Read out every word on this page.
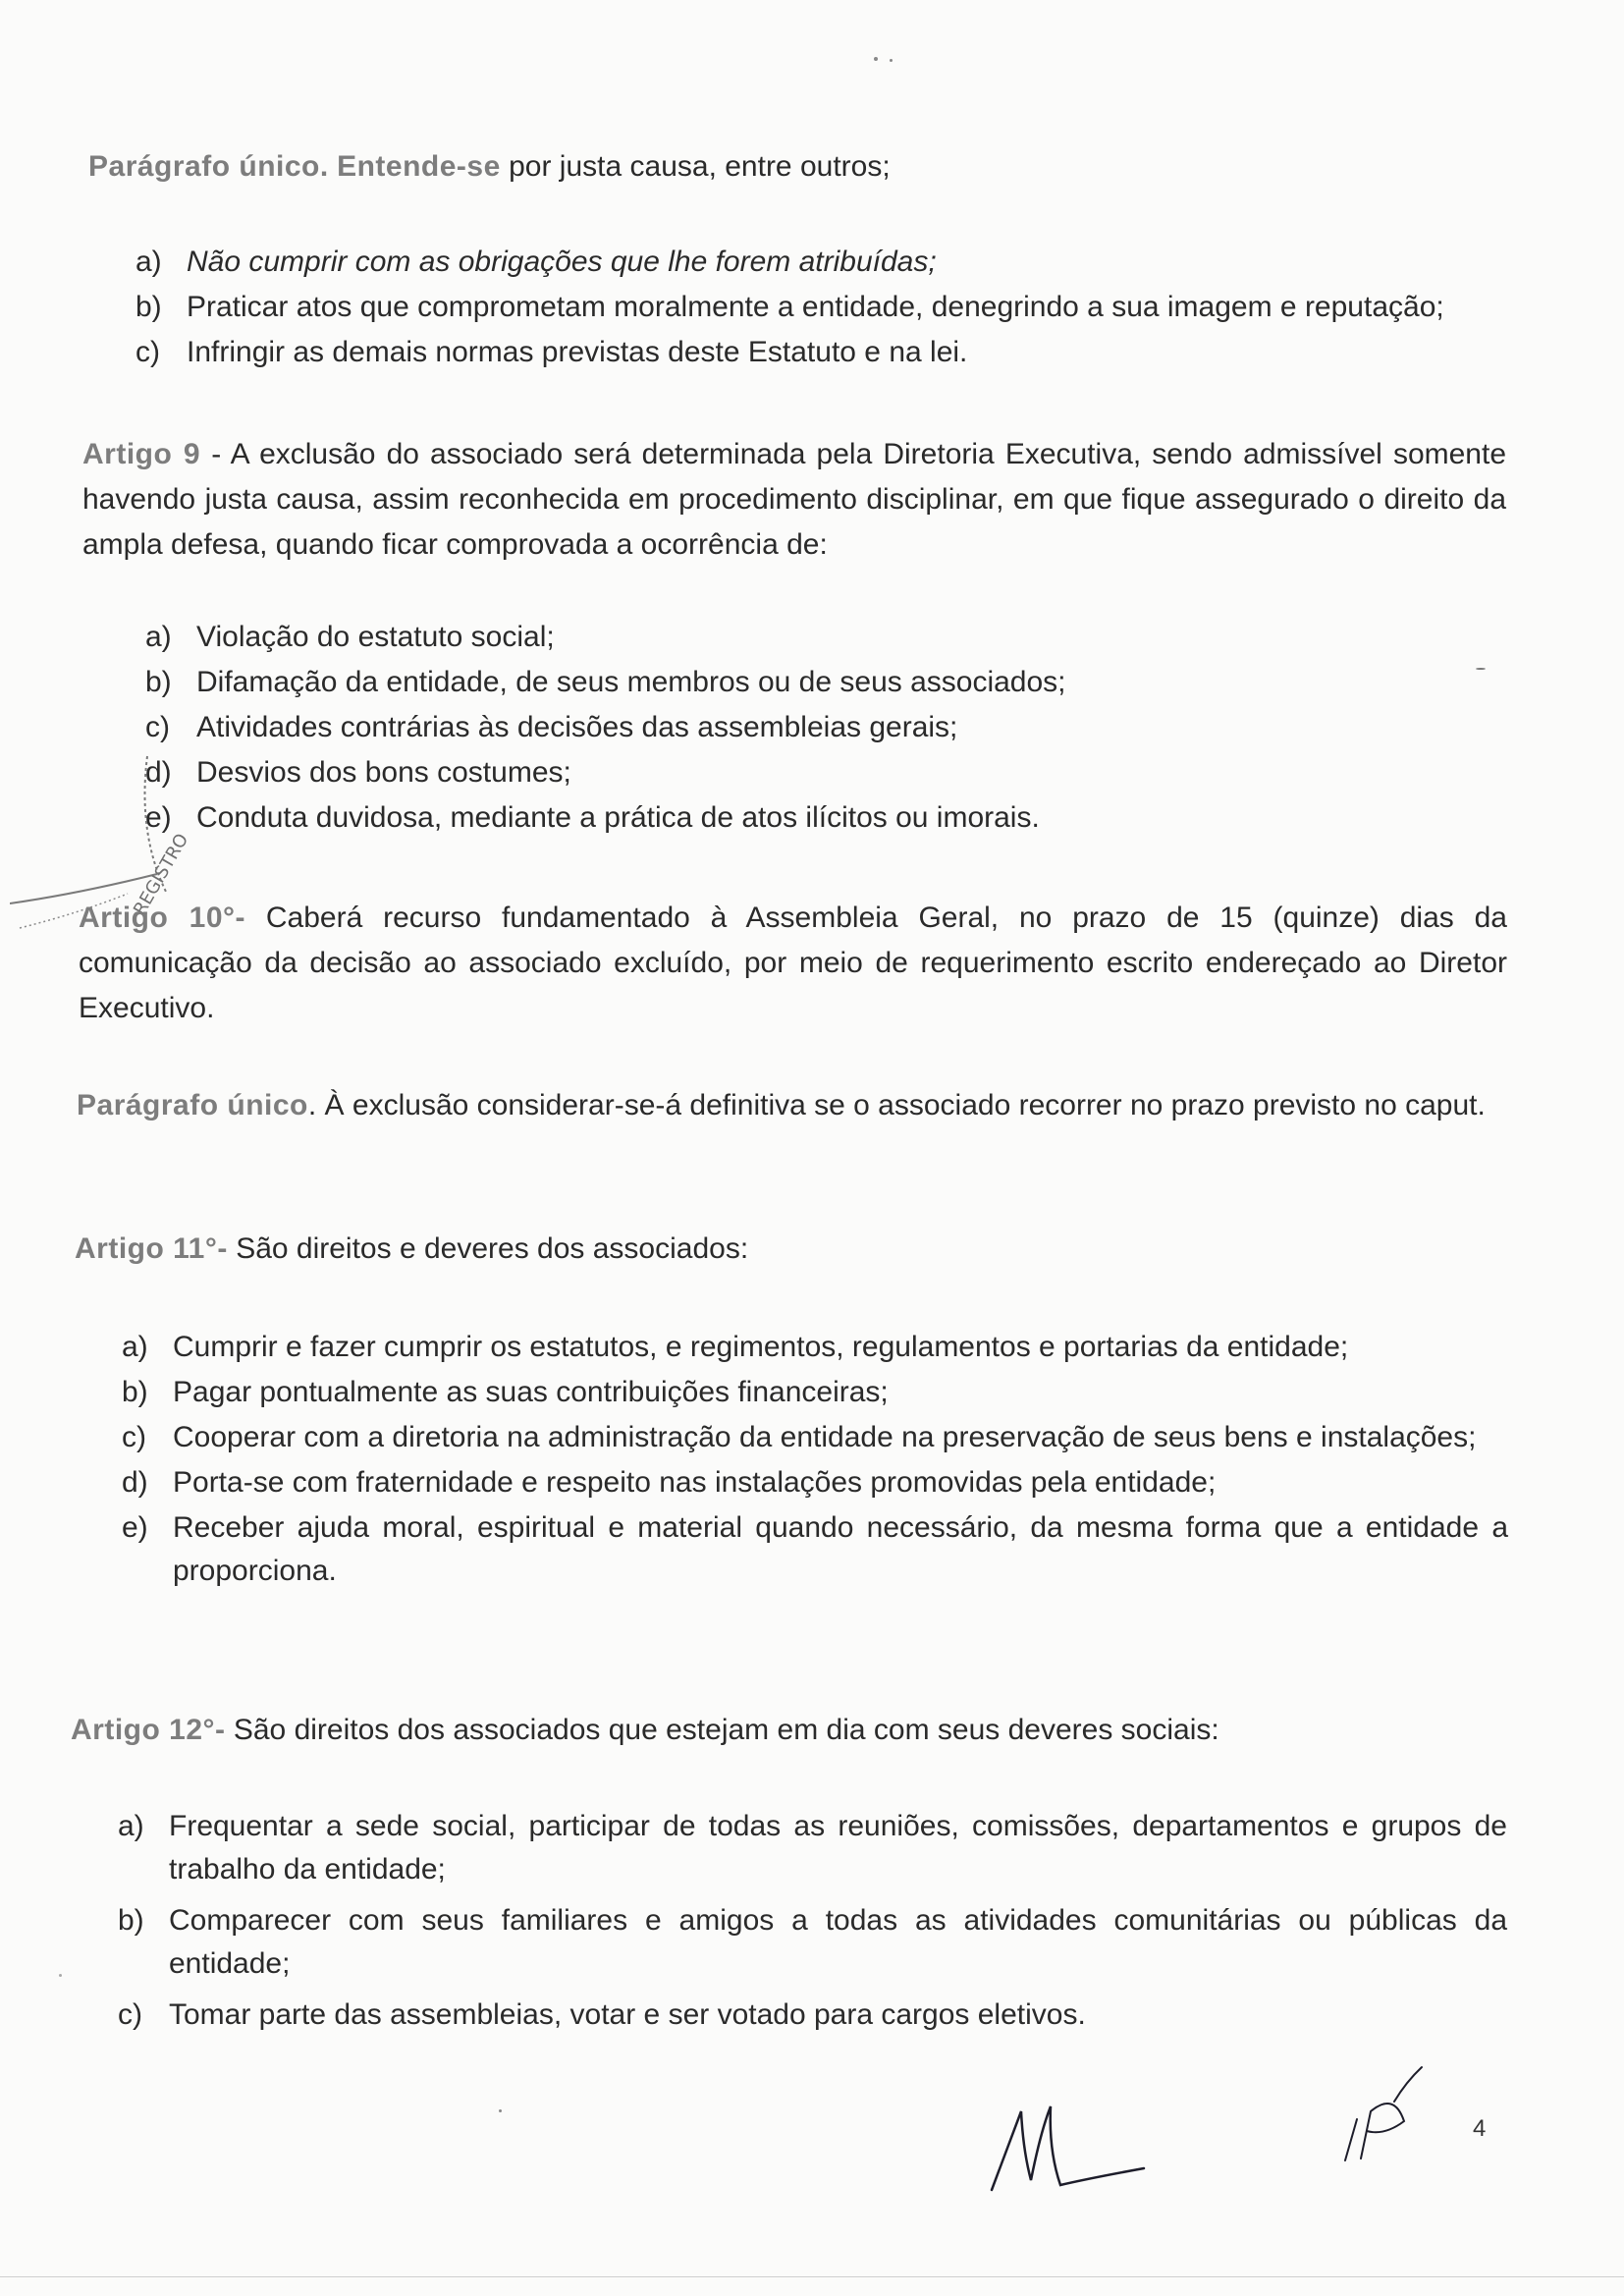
Parágrafo único. Entende-se por justa causa, entre outros;
a) Não cumprir com as obrigações que lhe forem atribuídas;
b) Praticar atos que comprometam moralmente a entidade, denegrindo a sua imagem e reputação;
c) Infringir as demais normas previstas deste Estatuto e na lei.
Artigo 9 - A exclusão do associado será determinada pela Diretoria Executiva, sendo admissível somente havendo justa causa, assim reconhecida em procedimento disciplinar, em que fique assegurado o direito da ampla defesa, quando ficar comprovada a ocorrência de:
a) Violação do estatuto social;
b) Difamação da entidade, de seus membros ou de seus associados;
c) Atividades contrárias às decisões das assembleias gerais;
d) Desvios dos bons costumes;
e) Conduta duvidosa, mediante a prática de atos ilícitos ou imorais.
REGISTRO
Artigo 10°- Caberá recurso fundamentado à Assembleia Geral, no prazo de 15 (quinze) dias da comunicação da decisão ao associado excluído, por meio de requerimento escrito endereçado ao Diretor Executivo.
Parágrafo único. À exclusão considerar-se-á definitiva se o associado recorrer no prazo previsto no caput.
Artigo 11°- São direitos e deveres dos associados:
a) Cumprir e fazer cumprir os estatutos, e regimentos, regulamentos e portarias da entidade;
b) Pagar pontualmente as suas contribuições financeiras;
c) Cooperar com a diretoria na administração da entidade na preservação de seus bens e instalações;
d) Porta-se com fraternidade e respeito nas instalações promovidas pela entidade;
e) Receber ajuda moral, espiritual e material quando necessário, da mesma forma que a entidade a proporciona.
Artigo 12°- São direitos dos associados que estejam em dia com seus deveres sociais:
a) Frequentar a sede social, participar de todas as reuniões, comissões, departamentos e grupos de trabalho da entidade;
b) Comparecer com seus familiares e amigos a todas as atividades comunitárias ou públicas da entidade;
c) Tomar parte das assembleias, votar e ser votado para cargos eletivos.
4
